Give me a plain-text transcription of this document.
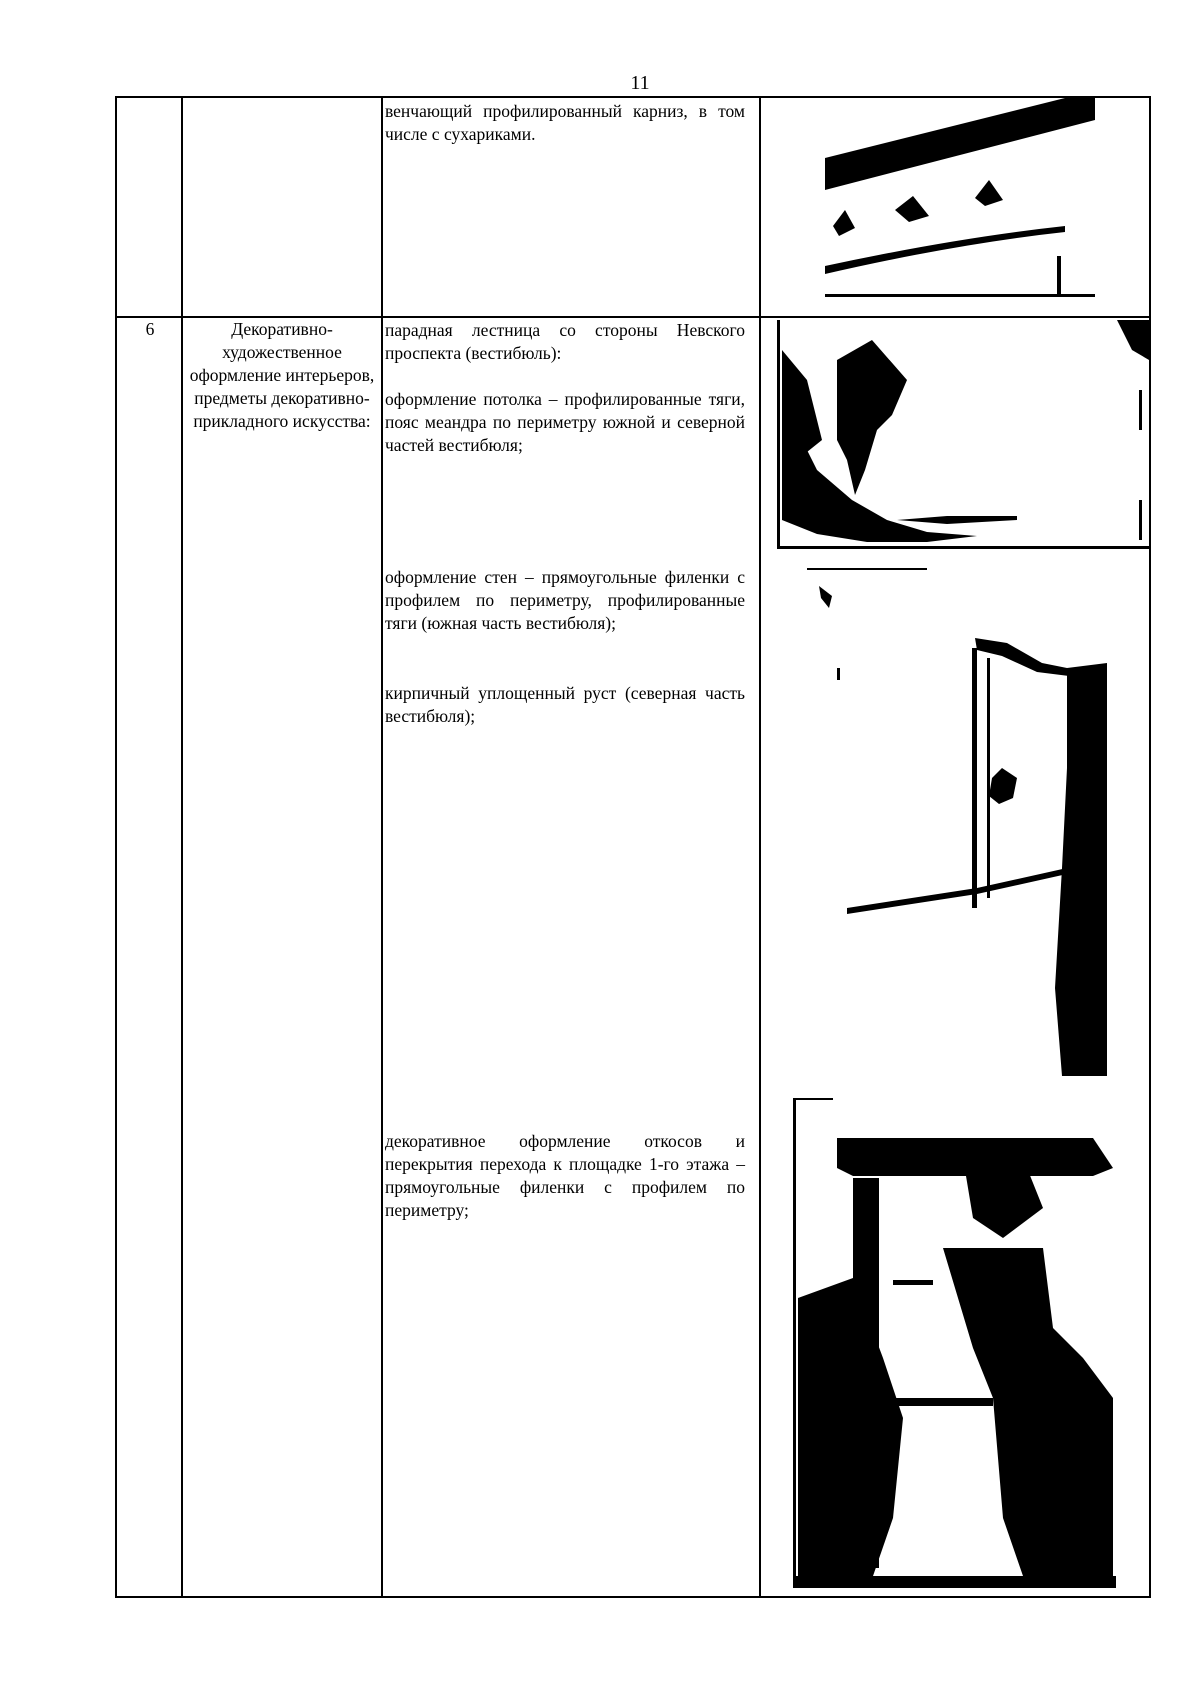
11
венчающий профилированный карниз, в том числе с сухариками.
6	Декоративно-художественное оформление интерьеров, предметы декоративно-прикладного искусства:
парадная лестница со стороны Невского проспекта (вестибюль):
оформление потолка – профилированные тяги, пояс меандра по периметру южной и северной частей вестибюля;
оформление стен – прямоугольные филенки с профилем по периметру, профилированные тяги (южная часть вестибюля);
кирпичный уплощенный руст (северная часть вестибюля);
декоративное оформление откосов и перекрытия перехода к площадке 1-го этажа – прямоугольные филенки с профилем по периметру;
